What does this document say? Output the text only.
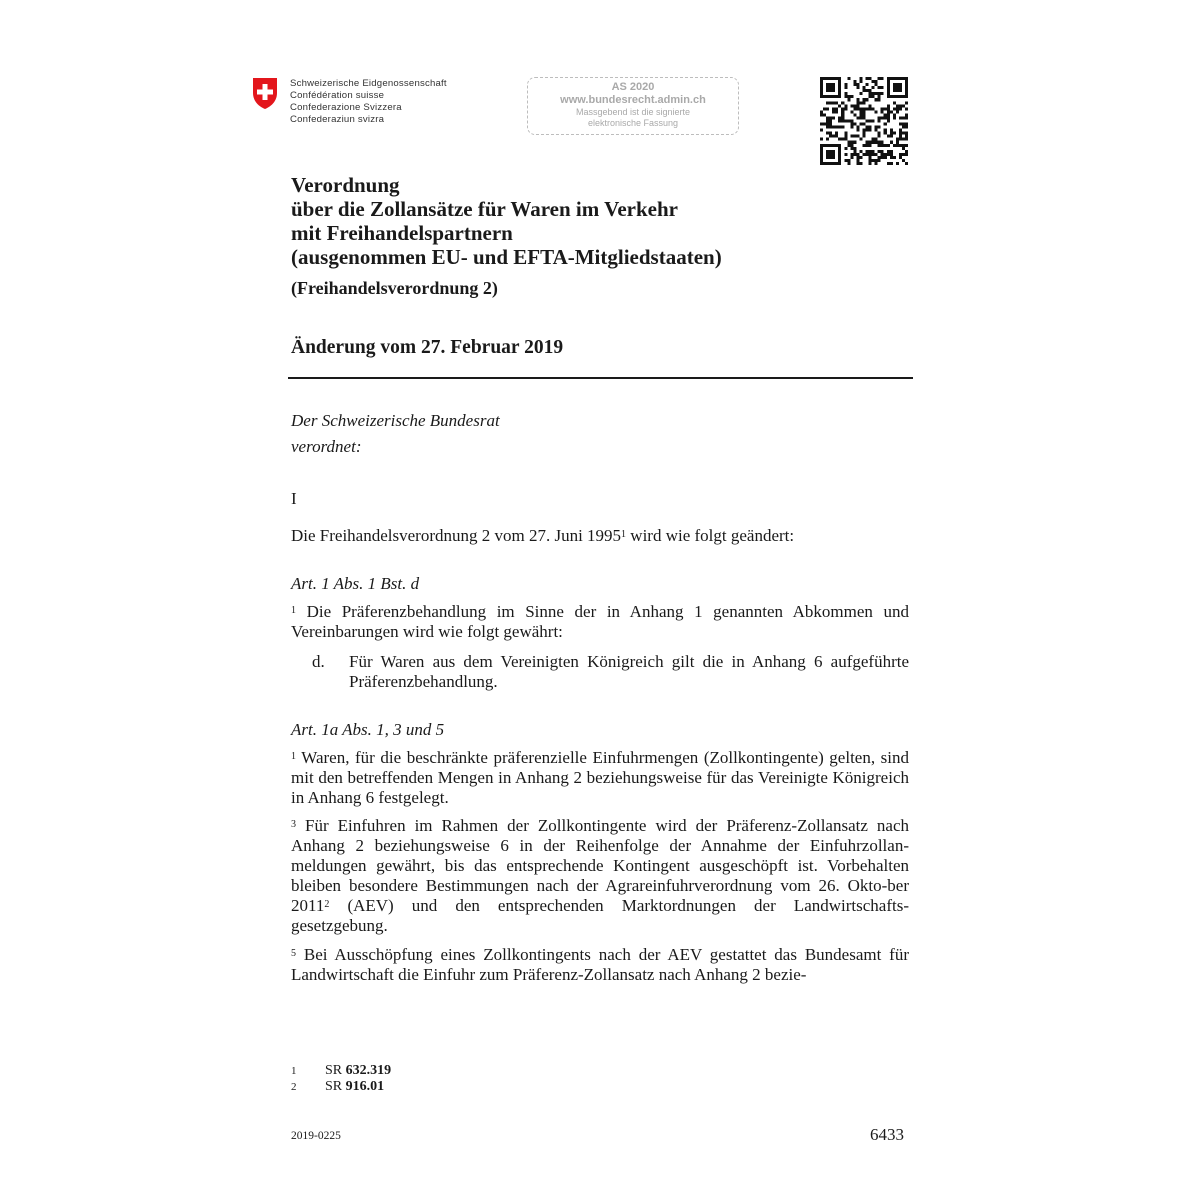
Schweizerische Eidgenossenschaft
Confédération suisse
Confederazione Svizzera
Confederaziun svizra
AS 2020
www.bundesrecht.admin.ch
Massgebend ist die signierte
elektronische Fassung
Verordnung
über die Zollansätze für Waren im Verkehr
mit Freihandelspartnern
(ausgenommen EU- und EFTA-Mitgliedstaaten)
(Freihandelsverordnung 2)
Änderung vom 27. Februar 2019
Der Schweizerische Bundesrat
verordnet:
I
Die Freihandelsverordnung 2 vom 27. Juni 1995$^1$ wird wie folgt geändert:
Art. 1 Abs. 1 Bst. d
$^1$ Die Präferenzbehandlung im Sinne der in Anhang 1 genannten Abkommen und Vereinbarungen wird wie folgt gewährt:
d. Für Waren aus dem Vereinigten Königreich gilt die in Anhang 6 aufgeführte Präferenzbehandlung.
Art. 1a Abs. 1, 3 und 5
$^1$ Waren, für die beschränkte präferenzielle Einfuhrmengen (Zollkontingente) gelten, sind mit den betreffenden Mengen in Anhang 2 beziehungsweise für das Vereinigte Königreich in Anhang 6 festgelegt.
$^3$ Für Einfuhren im Rahmen der Zollkontingente wird der Präferenz-Zollansatz nach Anhang 2 beziehungsweise 6 in der Reihenfolge der Annahme der Einfuhrzollan-meldungen gewährt, bis das entsprechende Kontingent ausgeschöpft ist. Vorbehalten bleiben besondere Bestimmungen nach der Agrareinfuhrverordnung vom 26. Okto-ber 2011$^2$ (AEV) und den entsprechenden Marktordnungen der Landwirtschafts-gesetzgebung.
$^5$ Bei Ausschöpfung eines Zollkontingents nach der AEV gestattet das Bundesamt für Landwirtschaft die Einfuhr zum Präferenz-Zollansatz nach Anhang 2 bezie-
1 SR 632.319
2 SR 916.01
2019-0225	6433
